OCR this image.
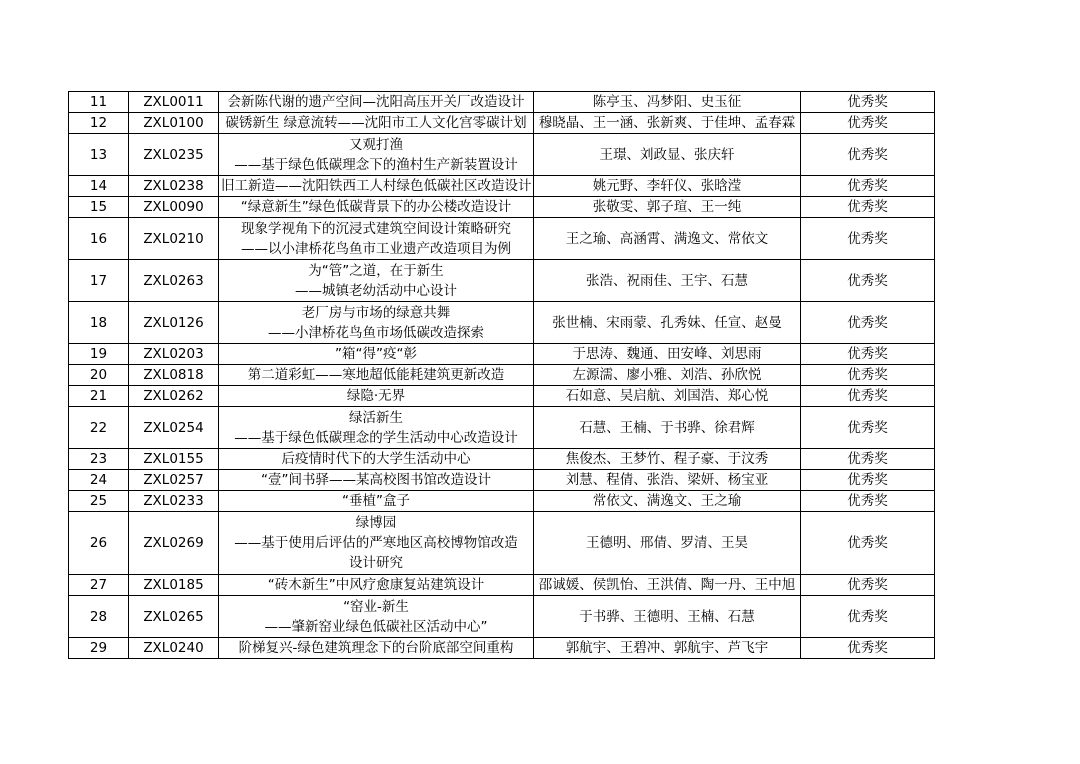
11	ZXL0011	会新陈代谢的遗产空间—沈阳高压开关厂改造设计	陈亭玉、冯梦阳、史玉征	优秀奖
12	ZXL0100	碳锈新生 绿意流转——沈阳市工人文化宫零碳计划	穆晓晶、王一涵、张新爽、于佳坤、孟春霖	优秀奖
13	ZXL0235	又观打渔
——基于绿色低碳理念下的渔村生产新装置设计	王璟、刘政显、张庆轩	优秀奖
14	ZXL0238	旧工新造——沈阳铁西工人村绿色低碳社区改造设计	姚元野、李轩仪、张晗滢	优秀奖
15	ZXL0090	“绿意新生”绿色低碳背景下的办公楼改造设计	张敬雯、郭子瑄、王一纯	优秀奖
16	ZXL0210	现象学视角下的沉浸式建筑空间设计策略研究
——以小津桥花鸟鱼市工业遗产改造项目为例	王之瑜、高涵霄、满逸文、常依文	优秀奖
17	ZXL0263	为“管”之道，在于新生
——城镇老幼活动中心设计	张浩、祝雨佳、王宇、石慧	优秀奖
18	ZXL0126	老厂房与市场的绿意共舞
——小津桥花鸟鱼市场低碳改造探索	张世楠、宋雨蒙、孔秀妹、任宣、赵曼	优秀奖
19	ZXL0203	”箱“得”疫“彰	于思涛、魏通、田安峰、刘思雨	优秀奖
20	ZXL0818	第二道彩虹——寒地超低能耗建筑更新改造	左源濡、廖小雅、刘浩、孙欣悦	优秀奖
21	ZXL0262	绿隐·无界	石如意、吴启航、刘国浩、郑心悦	优秀奖
22	ZXL0254	绿活新生
——基于绿色低碳理念的学生活动中心改造设计	石慧、王楠、于书骅、徐君辉	优秀奖
23	ZXL0155	后疫情时代下的大学生活动中心	焦俊杰、王梦竹、程子豪、于汶秀	优秀奖
24	ZXL0257	“壹”间书驿——某高校图书馆改造设计	刘慧、程倩、张浩、梁妍、杨宝亚	优秀奖
25	ZXL0233	“垂植”盒子	常依文、满逸文、王之瑜	优秀奖
26	ZXL0269	绿博园
——基于使用后评估的严寒地区高校博物馆改造
设计研究	王德明、邢倩、罗清、王昊	优秀奖
27	ZXL0185	“砖木新生”中风疗愈康复站建筑设计	邵诚媛、侯凯怡、王洪倩、陶一丹、王中旭	优秀奖
28	ZXL0265	“窑业-新生
——肇新窑业绿色低碳社区活动中心”	于书骅、王德明、王楠、石慧	优秀奖
29	ZXL0240	阶梯复兴-绿色建筑理念下的台阶底部空间重构	郭航宇、王碧冲、郭航宇、芦飞宇	优秀奖
